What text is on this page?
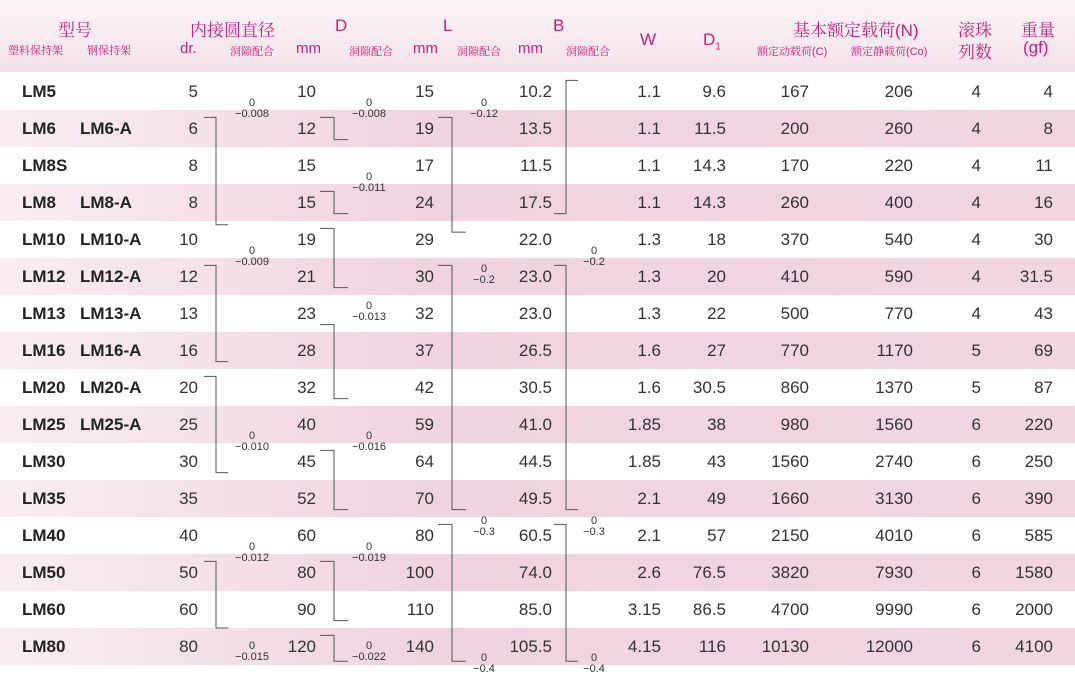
型号
塑料保持架 钢保持架
内接圆直径
dr.	洞隙配合
D
mm	洞隙配合
L
mm 洞隙配合
B
mm 洞隙配合
W	$D_1$
基本额定载荷(N)
额定动载荷(C) 额定静载荷(Co)
滚珠
列数
重量
(gf)
LM5	5	10	15	10.2	1.1 9.6	167	206	4	4
LM6 LM6-A	6	12	19	13.5	1.1 11.5	200	260	4	8
LM8S	8	15	17	11.5	1.1 14.3	170	220	4	11
LM8 LM8-A	8	15	24	17.5	1.1 14.3	260	400	4	16
LM10 LM10-A 10	19	29	22.0	1.3	18	370	540	4	30
LM12 LM12-A 12	21	30	23.0	1.3	20	410	590	4 31.5
LM13 LM13-A 13	23	32	23.0	1.3	22	500	770	4	43
LM16 LM16-A 16	28	37	26.5	1.6	27	770	1170	5	69
LM20 LM20-A 20	32	42	30.5	1.6 30.5	860	1370	5	87
LM25 LM25-A 25	40	59	41.0	1.85	38	980	1560	6	220
LM30	30	45	64	44.5	1.85	43	1560	2740	6	250
LM35	35	52	70	49.5	2.1	49	1660	3130	6	390
LM40	40	60	80	60.5	2.1	57	2150	4010	6	585
LM50	50	80	100	74.0	2.6 76.5	3820	7930	6 1580
LM60	60	90	110	85.0	3.15 86.5	4700	9990	6 2000
LM80	80	120	140	105.5	4.15 116 10130	12000	6 4100
0
−0.008
0
−0.009
0
−0.010
0
−0.012
0
−0.015
0
−0.008
0
−0.011
0
−0.013
0
−0.016
0
−0.019
0
−0.022
0
−0.12
0
−0.2
0
−0.3
0
−0.4
0
−0.2
0
−0.3
0
−0.4
